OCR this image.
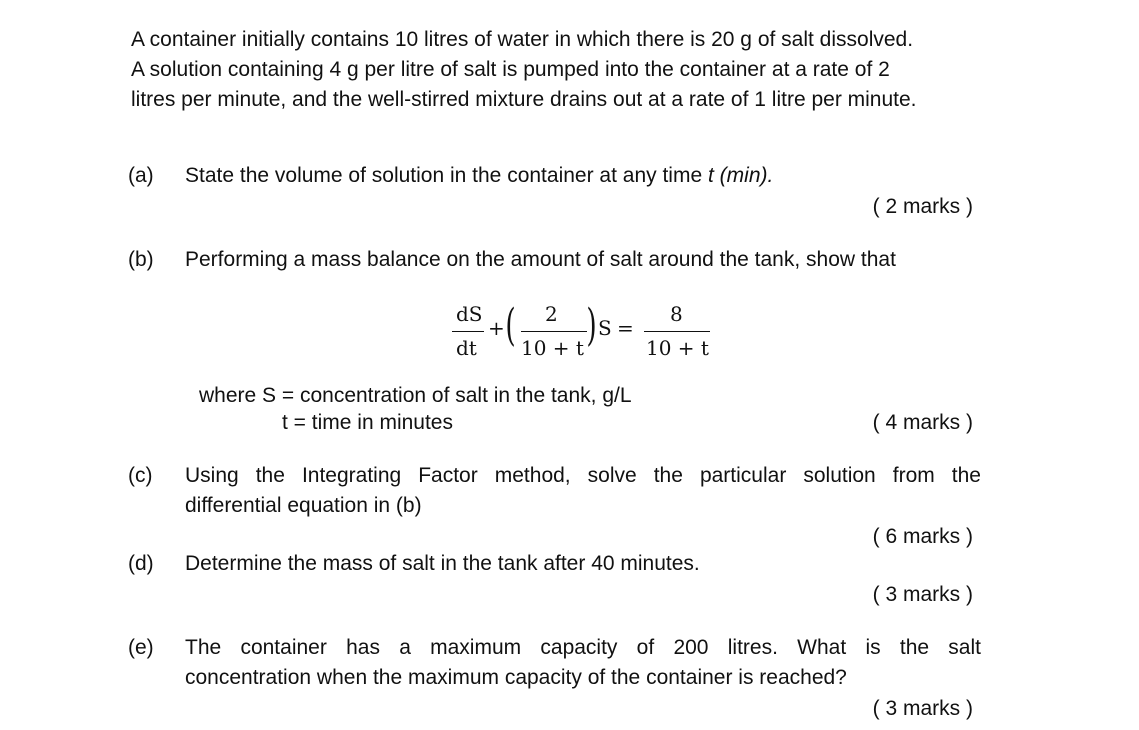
A container initially contains 10 litres of water in which there is 20 g of salt dissolved.
A solution containing 4 g per litre of salt is pumped into the container at a rate of 2
litres per minute, and the well-stirred mixture drains out at a rate of 1 litre per minute.
(a) State the volume of solution in the container at any time t (min).
( 2 marks )
(b) Performing a mass balance on the amount of salt around the tank, show that
dS
dt
+ ( 2
10 + t ) S =
8
10 + t
where S = concentration of salt in the tank, g/L
t = time in minutes	( 4 marks )
(c) Using the Integrating Factor method, solve the particular solution from the
differential equation in (b)
( 6 marks )
(d) Determine the mass of salt in the tank after 40 minutes.
( 3 marks )
(e) The container has a maximum capacity of 200 litres. What is the salt
concentration when the maximum capacity of the container is reached?
( 3 marks )
